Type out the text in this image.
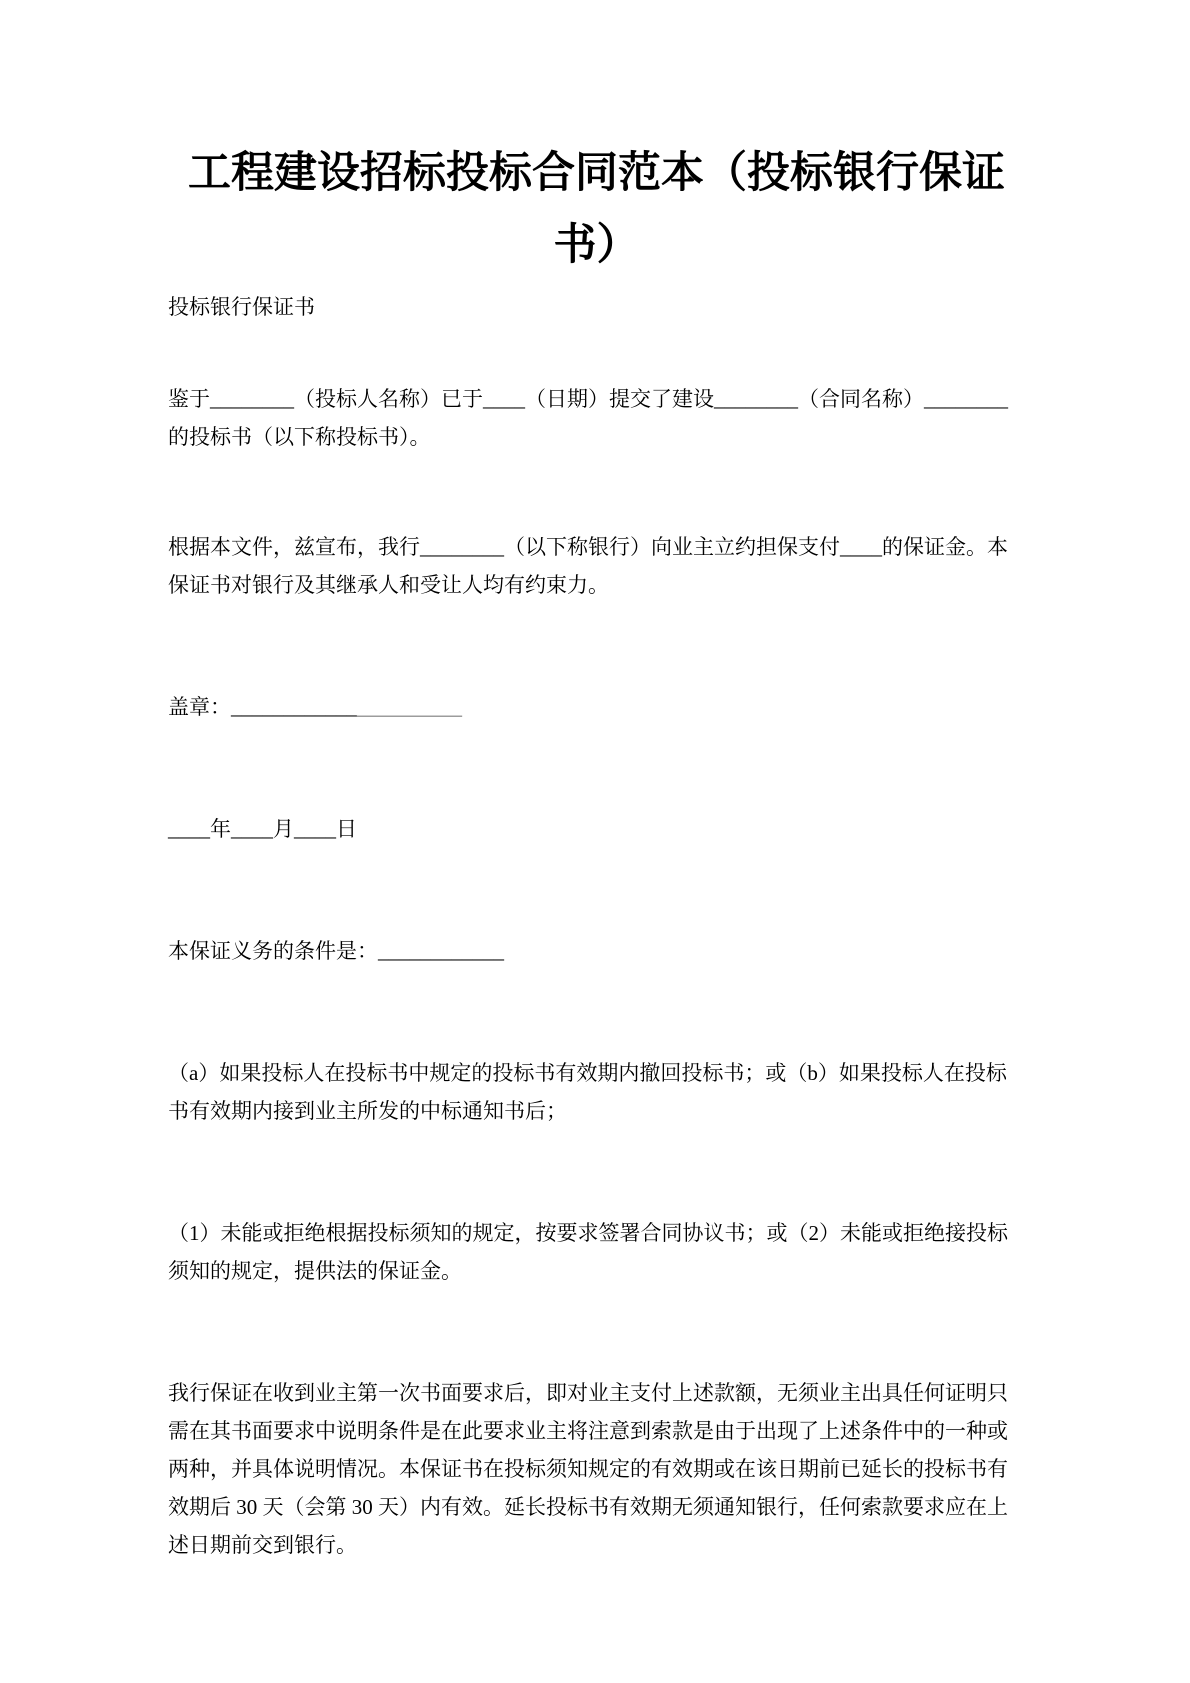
工程建设招标投标合同范本（投标银行保证书）

投标银行保证书

鉴于________（投标人名称）已于____（日期）提交了建设________（合同名称）________的投标书（以下称投标书）。

根据本文件，兹宣布，我行________（以下称银行）向业主立约担保支付____的保证金。本保证书对银行及其继承人和受让人均有约束力。

盖章：______________________

____年____月____日

本保证义务的条件是：____________

（a）如果投标人在投标书中规定的投标书有效期内撤回投标书；或（b）如果投标人在投标书有效期内接到业主所发的中标通知书后；

（1）未能或拒绝根据投标须知的规定，按要求签署合同协议书；或（2）未能或拒绝接投标须知的规定，提供法的保证金。

我行保证在收到业主第一次书面要求后，即对业主支付上述款额，无须业主出具任何证明只需在其书面要求中说明条件是在此要求业主将注意到索款是由于出现了上述条件中的一种或两种，并具体说明情况。本保证书在投标须知规定的有效期或在该日期前已延长的投标书有效期后 30 天（会第 30 天）内有效。延长投标书有效期无须通知银行，任何索款要求应在上述日期前交到银行。
